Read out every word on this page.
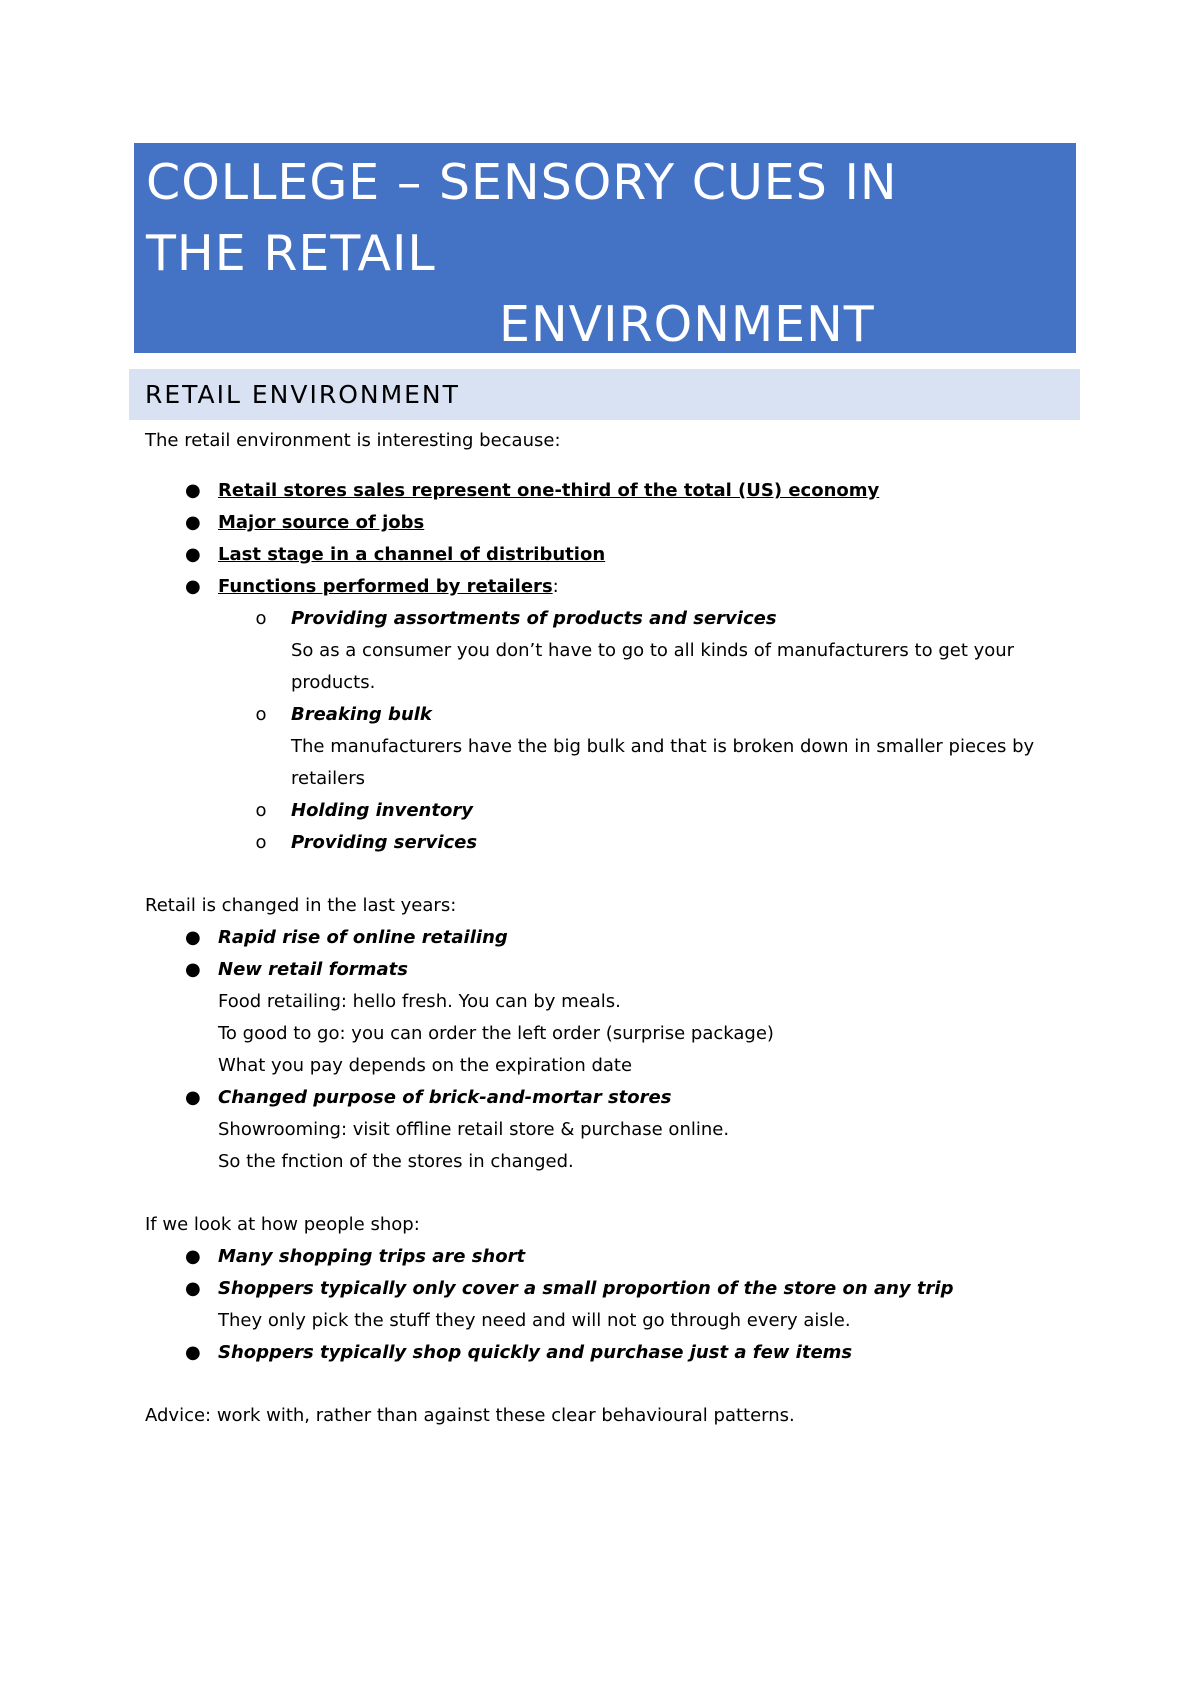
COLLEGE – SENSORY CUES IN
THE RETAIL
ENVIRONMENT
RETAIL ENVIRONMENT

The retail environment is interesting because:

● Retail stores sales represent one-third of the total (US) economy
● Major source of jobs
● Last stage in a channel of distribution
● Functions performed by retailers:
o Providing assortments of products and services
So as a consumer you don’t have to go to all kinds of manufacturers to get your products.
o Breaking bulk
The manufacturers have the big bulk and that is broken down in smaller pieces by retailers
o Holding inventory
o Providing services

Retail is changed in the last years:

● Rapid rise of online retailing
● New retail formats
Food retailing: hello fresh. You can by meals.
To good to go: you can order the left order (surprise package)
What you pay depends on the expiration date
● Changed purpose of brick-and-mortar stores
Showrooming: visit offline retail store & purchase online.
So the fnction of the stores in changed.

If we look at how people shop:

● Many shopping trips are short
● Shoppers typically only cover a small proportion of the store on any trip
They only pick the stuff they need and will not go through every aisle.
● Shoppers typically shop quickly and purchase just a few items

Advice: work with, rather than against these clear behavioural patterns.
